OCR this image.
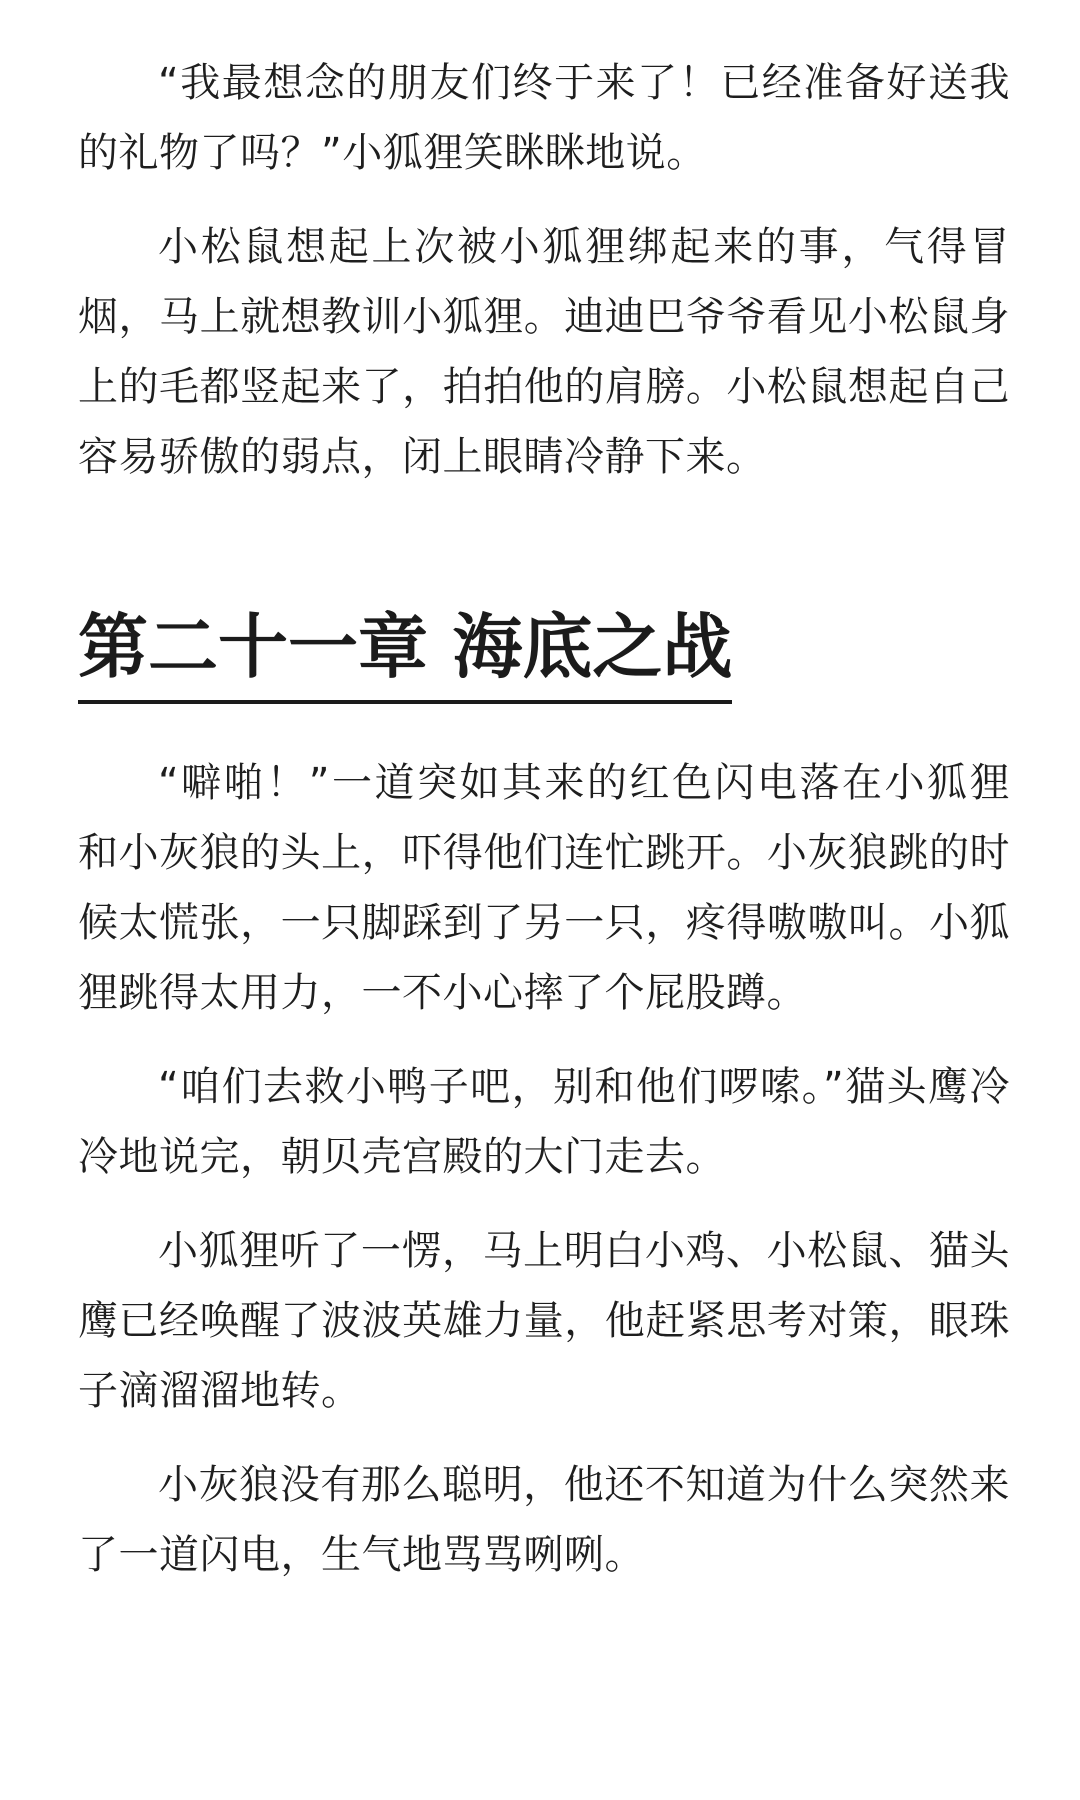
“我最想念的朋友们终于来了！已经准备好送我的礼物了吗？”小狐狸笑眯眯地说。

小松鼠想起上次被小狐狸绑起来的事，气得冒烟，马上就想教训小狐狸。迪迪巴爷爷看见小松鼠身上的毛都竖起来了，拍拍他的肩膀。小松鼠想起自己容易骄傲的弱点，闭上眼睛冷静下来。

第二十一章 海底之战

“噼啪！”一道突如其来的红色闪电落在小狐狸和小灰狼的头上，吓得他们连忙跳开。小灰狼跳的时候太慌张，一只脚踩到了另一只，疼得嗷嗷叫。小狐狸跳得太用力，一不小心摔了个屁股蹲。

“咱们去救小鸭子吧，别和他们啰嗦。”猫头鹰冷冷地说完，朝贝壳宫殿的大门走去。

小狐狸听了一愣，马上明白小鸡、小松鼠、猫头鹰已经唤醒了波波英雄力量，他赶紧思考对策，眼珠子滴溜溜地转。

小灰狼没有那么聪明，他还不知道为什么突然来了一道闪电，生气地骂骂咧咧。
